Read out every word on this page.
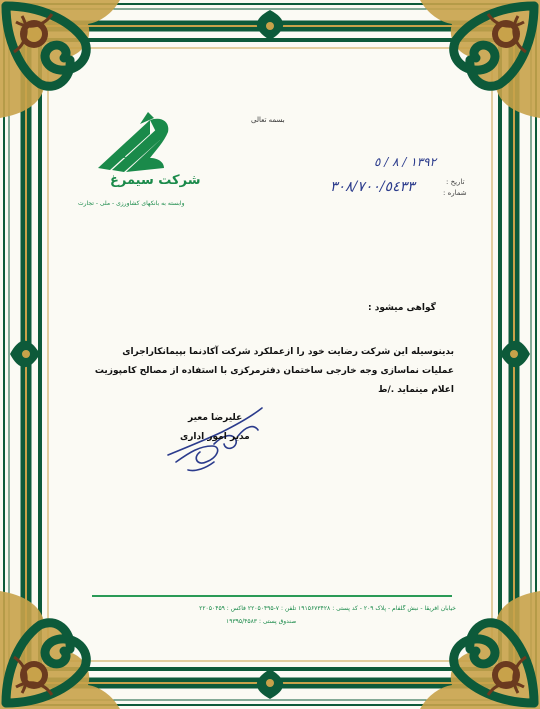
بسمه تعالی
سیمرغ
شرکت سیمرغ
وابسته به بانکهای کشاورزی - ملی - تجارت
تاریخ :
١٣٩٢ / ٨ / ٥
شماره :
٣٠٨/٧٠٠/٥٤٣٣
گواهی میشود :
بدینوسیله این شرکت رضایت خود را ازعملکرد شرکت آکادنما بپیمانکاراجرای
عملیات نماسازی وجه خارجی ساختمان دفترمرکزی با استفاده از مصالح کامپوزیت
اعلام مینماید ./ط
علیرضا معیر
مدیر امور اداری
خیابان آفریقا - نبش گلفام - پلاک ۲۰۹ - کد پستی : ۱۹۱۵۶۷۳۴۲۸ تلفن : ۷-۲۲۰۵۰۴۹۵ فاکس : ۲۲۰۵۰۴۵۹
صندوق پستی : ۱۹۳۹۵/۴۵۸۳
